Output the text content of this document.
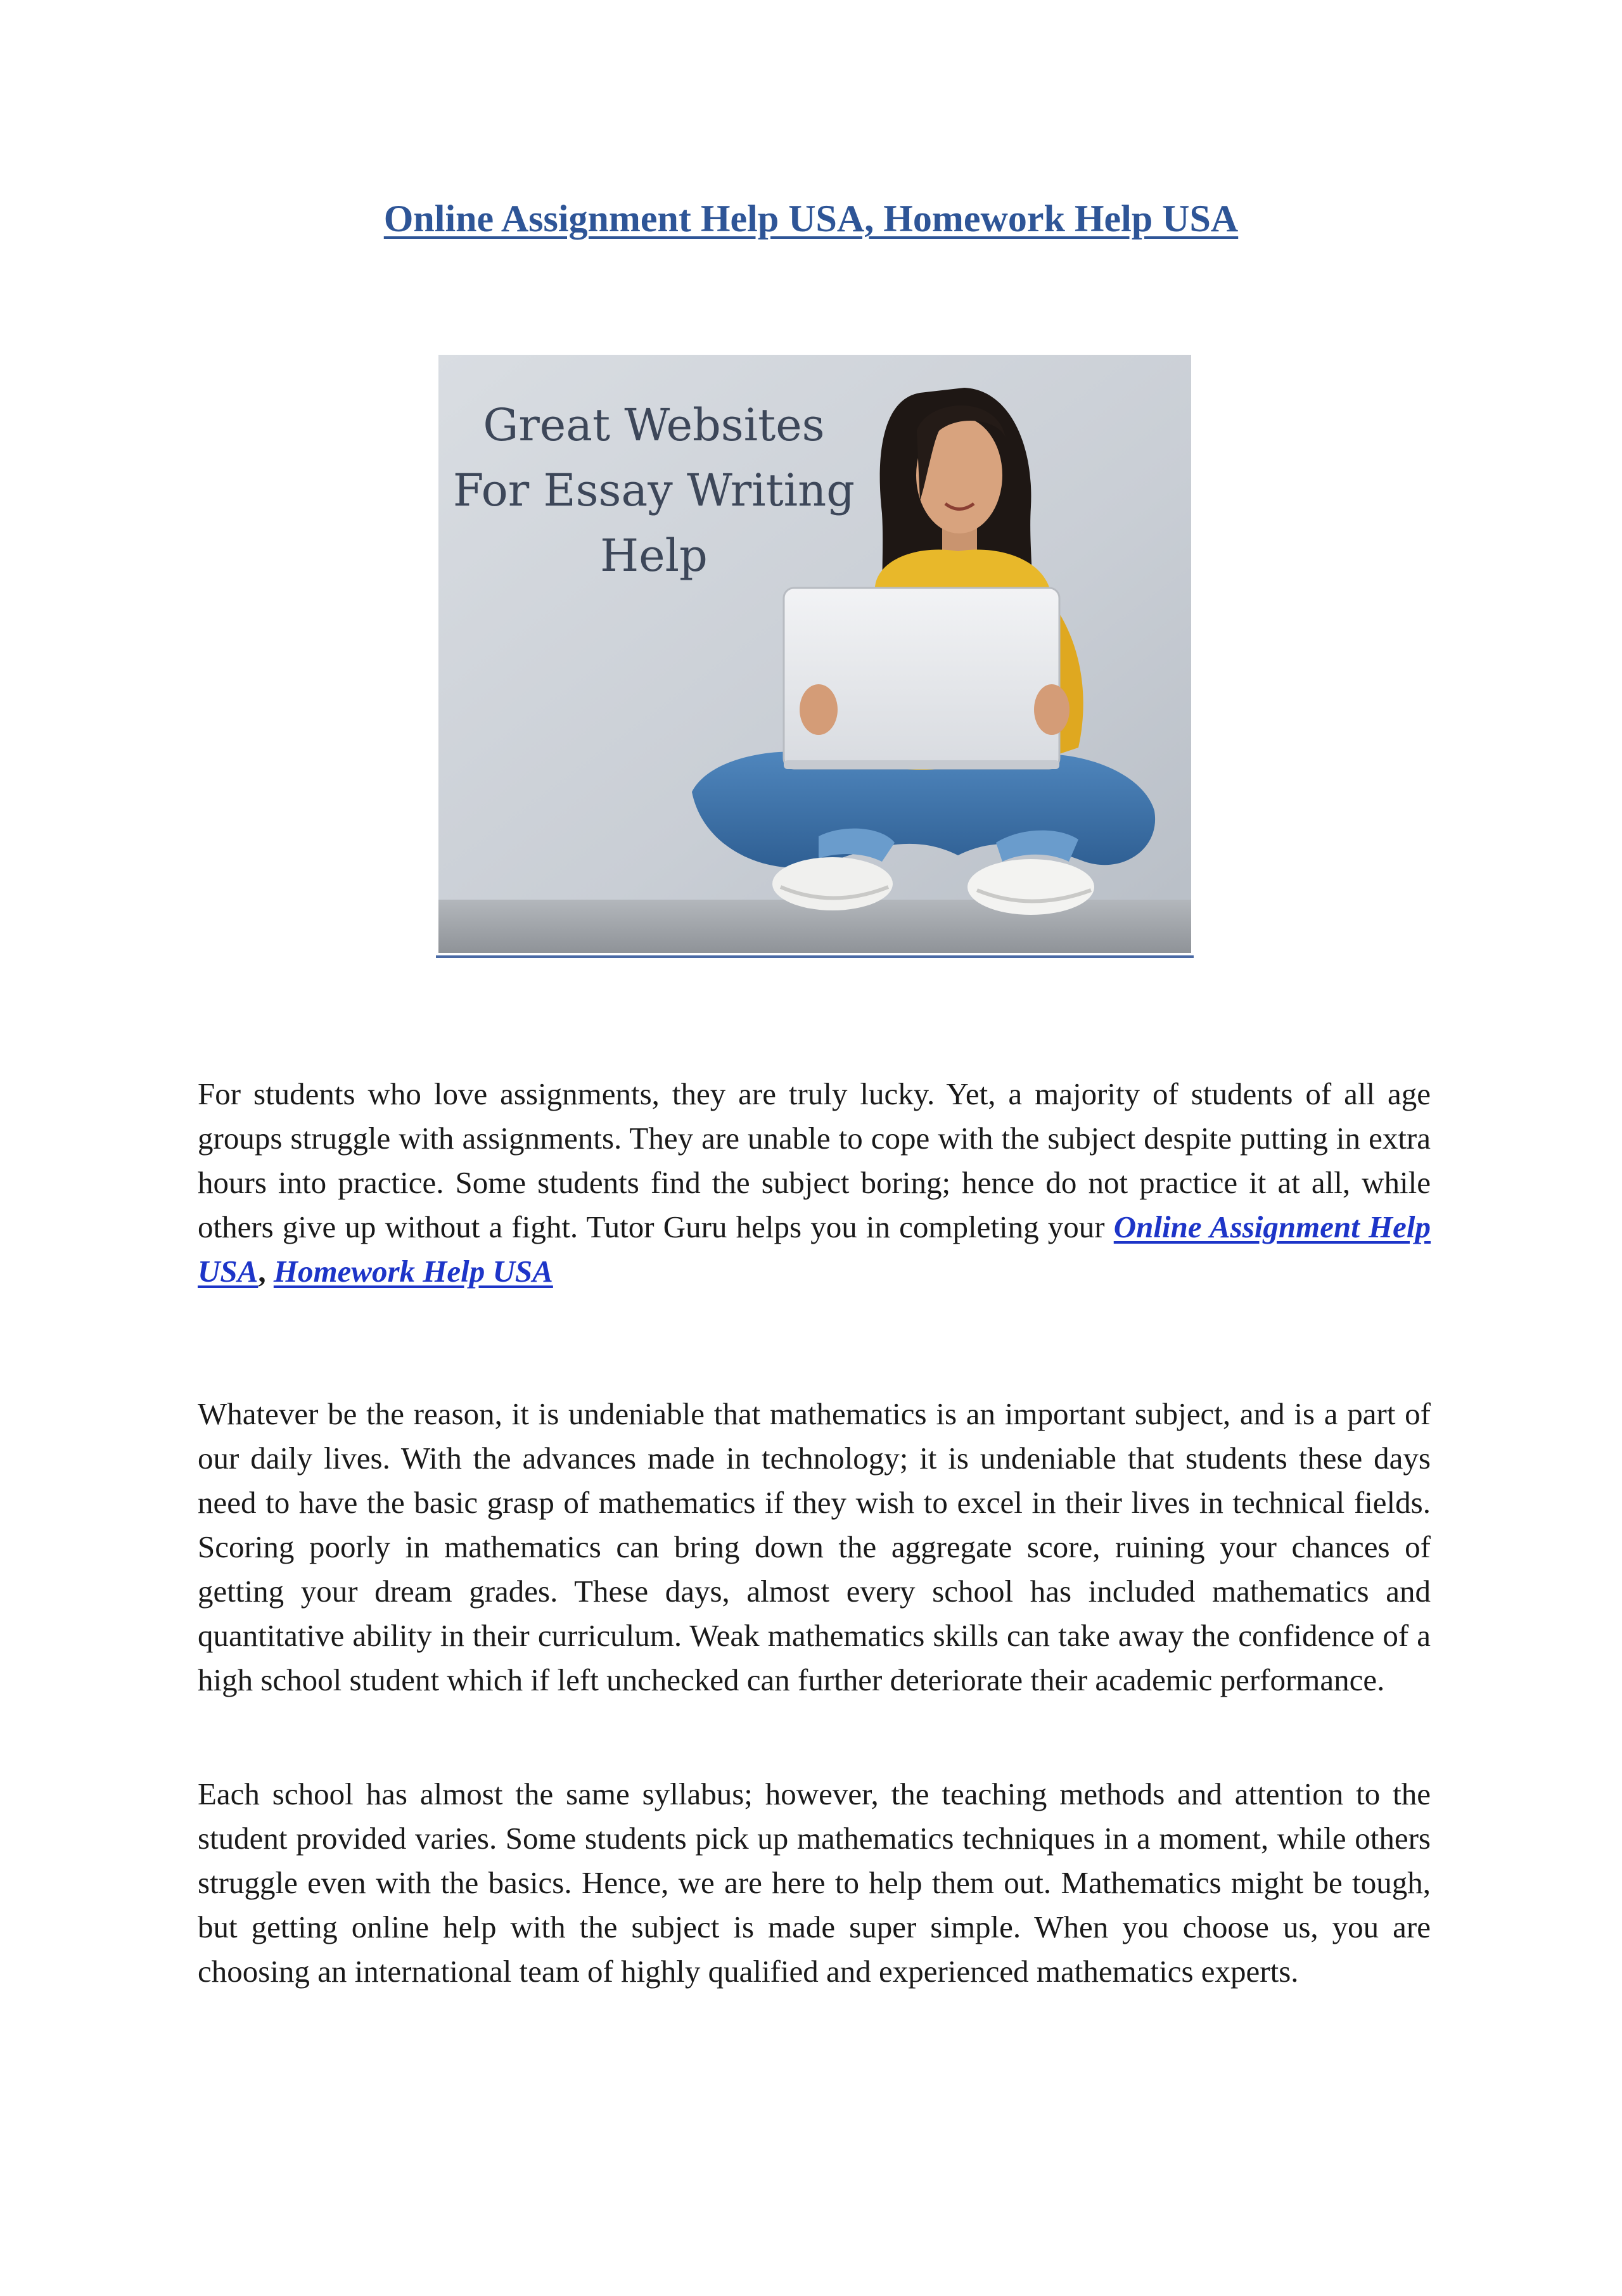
Online Assignment Help USA, Homework Help USA
Great Websites
For Essay Writing
Help

For students who love assignments, they are truly lucky. Yet, a majority of students of all age groups struggle with assignments. They are unable to cope with the subject despite putting in extra hours into practice. Some students find the subject boring; hence do not practice it at all, while others give up without a fight. Tutor Guru helps you in completing your Online Assignment Help USA, Homework Help USA

Whatever be the reason, it is undeniable that mathematics is an important subject, and is a part of our daily lives. With the advances made in technology; it is undeniable that students these days need to have the basic grasp of mathematics if they wish to excel in their lives in technical fields. Scoring poorly in mathematics can bring down the aggregate score, ruining your chances of getting your dream grades. These days, almost every school has included mathematics and quantitative ability in their curriculum. Weak mathematics skills can take away the confidence of a high school student which if left unchecked can further deteriorate their academic performance.

Each school has almost the same syllabus; however, the teaching methods and attention to the student provided varies. Some students pick up mathematics techniques in a moment, while others struggle even with the basics. Hence, we are here to help them out. Mathematics might be tough, but getting online help with the subject is made super simple. When you choose us, you are choosing an international team of highly qualified and experienced mathematics experts.
